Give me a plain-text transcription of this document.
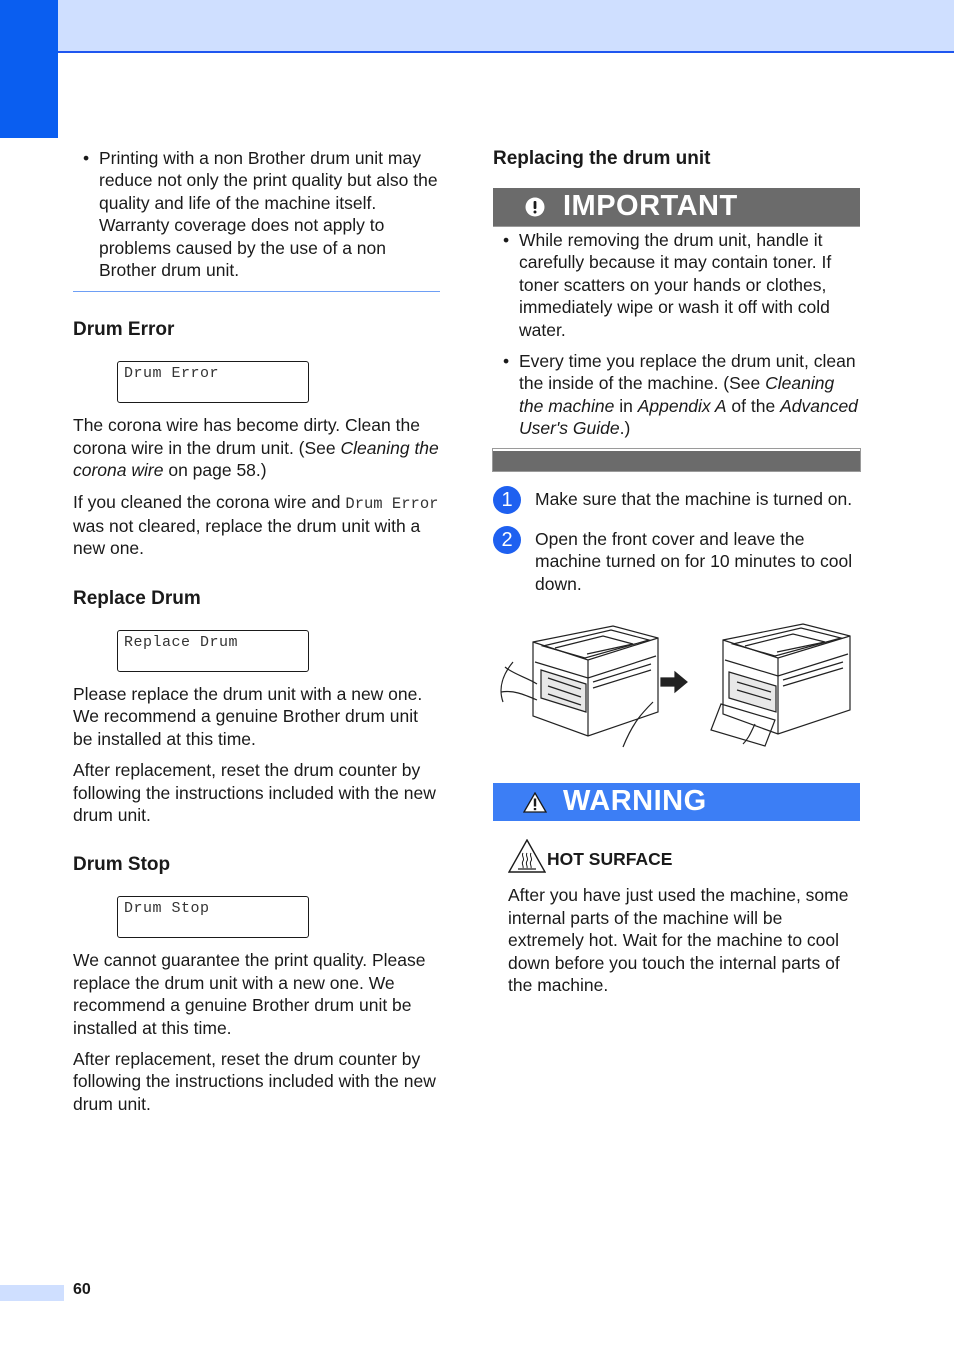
• Printing with a non Brother drum unit may reduce not only the print quality but also the quality and life of the machine itself. Warranty coverage does not apply to problems caused by the use of a non Brother drum unit.
Drum Error
Drum Error

The corona wire has become dirty. Clean the corona wire in the drum unit. (See Cleaning the corona wire on page 58.)

If you cleaned the corona wire and Drum Error was not cleared, replace the drum unit with a new one.

Replace Drum
Replace Drum

Please replace the drum unit with a new one. We recommend a genuine Brother drum unit be installed at this time.

After replacement, reset the drum counter by following the instructions included with the new drum unit.

Drum Stop
Drum Stop

We cannot guarantee the print quality. Please replace the drum unit with a new one. We recommend a genuine Brother drum unit be installed at this time.

After replacement, reset the drum counter by following the instructions included with the new drum unit.

Replacing the drum unit
IMPORTANT
• While removing the drum unit, handle it carefully because it may contain toner. If toner scatters on your hands or clothes, immediately wipe or wash it off with cold water.
• Every time you replace the drum unit, clean the inside of the machine. (See Cleaning the machine in Appendix A of the Advanced User's Guide.)
1	Make sure that the machine is turned on.
2	Open the front cover and leave the machine turned on for 10 minutes to cool down.
WARNING
HOT SURFACE

After you have just used the machine, some internal parts of the machine will be extremely hot. Wait for the machine to cool down before you touch the internal parts of the machine.

60
